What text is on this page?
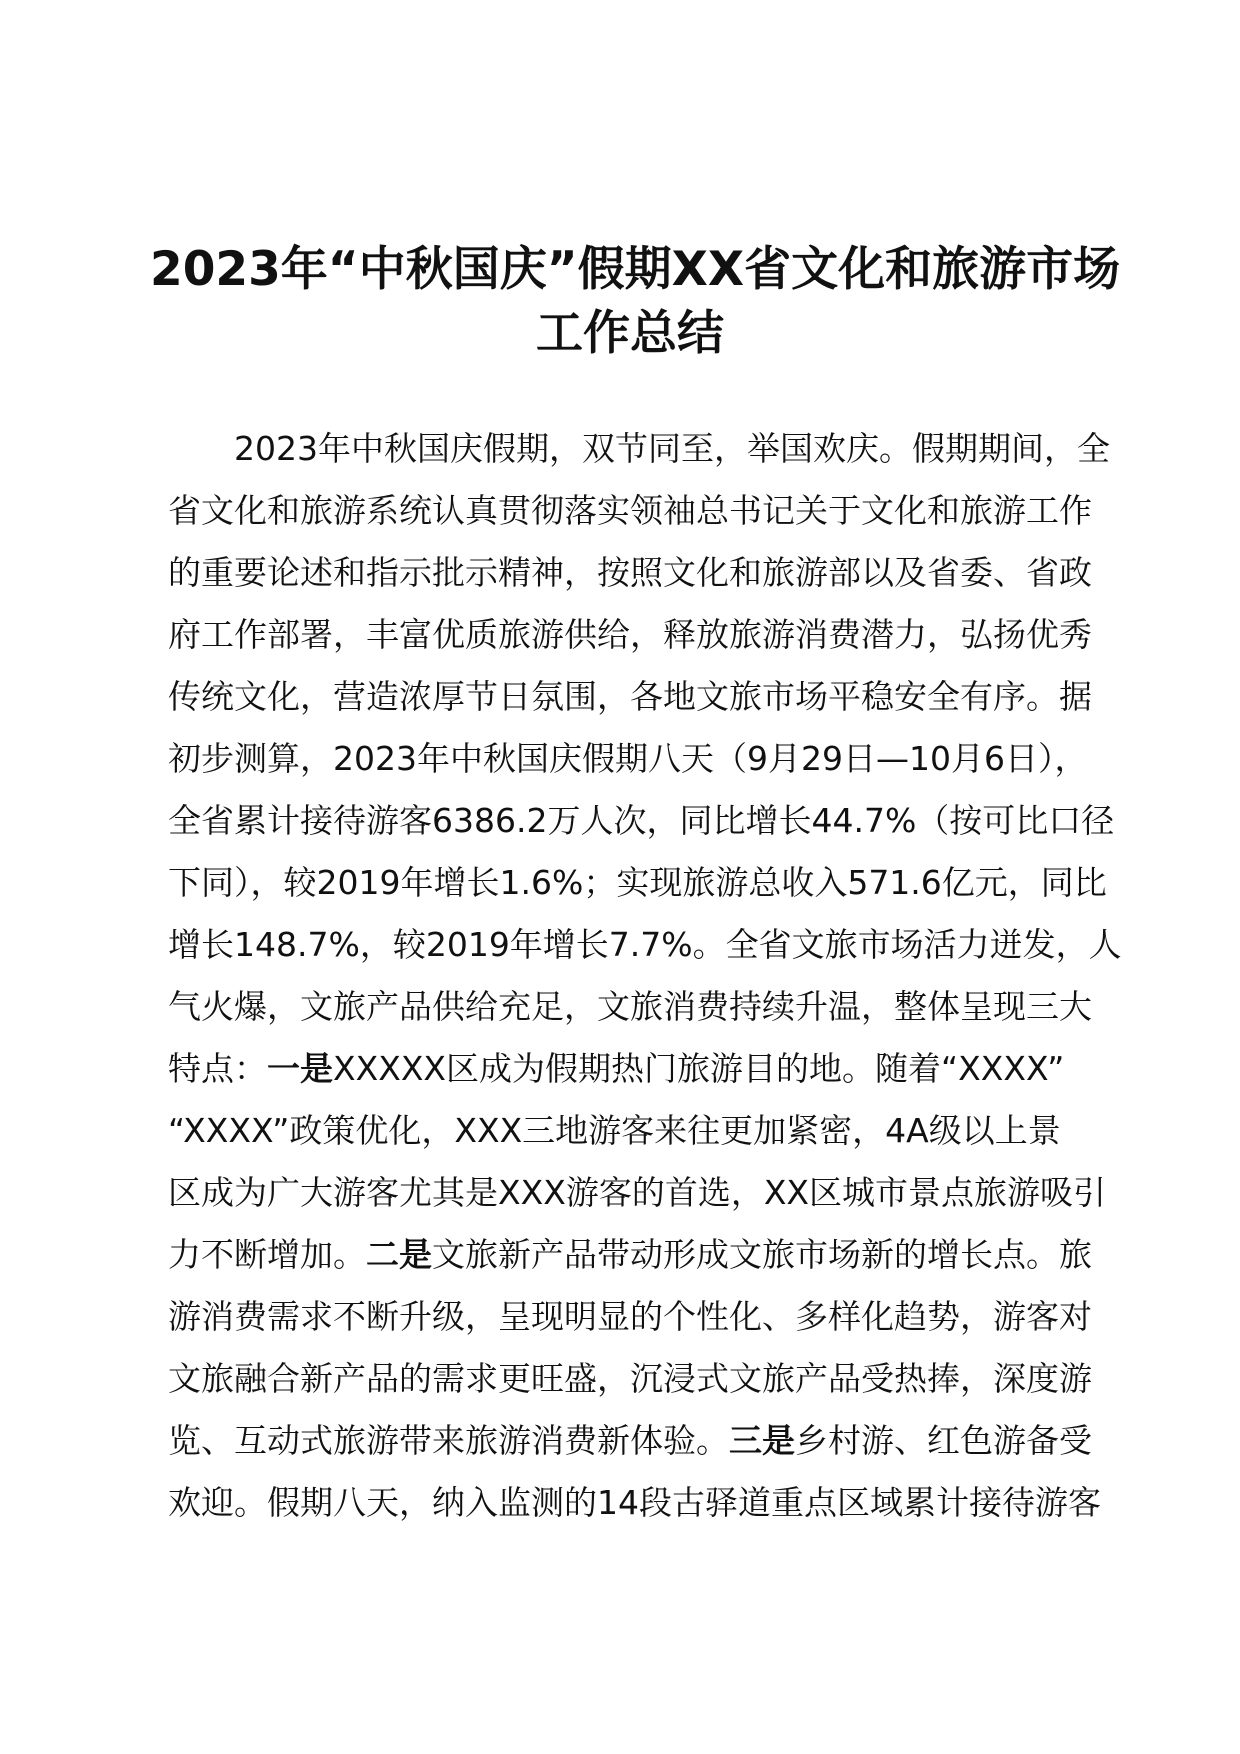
2023年“中秋国庆”假期XX省文化和旅游市场
工作总结
2023年中秋国庆假期，双节同至，举国欢庆。假期期间，全
省文化和旅游系统认真贯彻落实领袖总书记关于文化和旅游工作
的重要论述和指示批示精神，按照文化和旅游部以及省委、省政
府工作部署，丰富优质旅游供给，释放旅游消费潜力，弘扬优秀
传统文化，营造浓厚节日氛围，各地文旅市场平稳安全有序。据
初步测算，2023年中秋国庆假期八天（9月29日—10月6日），
全省累计接待游客6386.2万人次，同比增长44.7%（按可比口径
下同），较2019年增长1.6%；实现旅游总收入571.6亿元，同比
增长148.7%，较2019年增长7.7%。全省文旅市场活力迸发，人
气火爆，文旅产品供给充足，文旅消费持续升温，整体呈现三大
特点：一是XXXXX区成为假期热门旅游目的地。随着“XXXX”
“XXXX”政策优化，XXX三地游客来往更加紧密，4A级以上景
区成为广大游客尤其是XXX游客的首选，XX区城市景点旅游吸引
力不断增加。二是文旅新产品带动形成文旅市场新的增长点。旅
游消费需求不断升级，呈现明显的个性化、多样化趋势，游客对
文旅融合新产品的需求更旺盛，沉浸式文旅产品受热捧，深度游
览、互动式旅游带来旅游消费新体验。三是乡村游、红色游备受
欢迎。假期八天，纳入监测的14段古驿道重点区域累计接待游客
